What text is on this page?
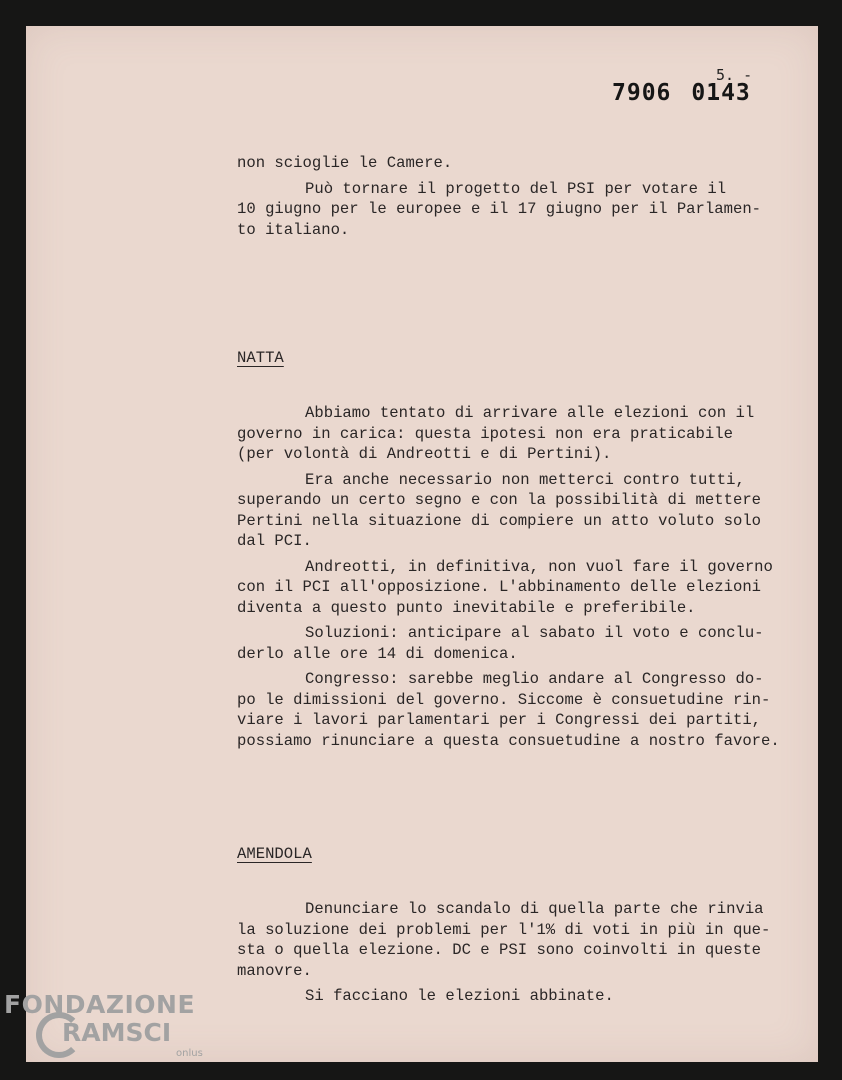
5. -
7906 0143
non scioglie le Camere.
Può tornare il progetto del PSI per votare il
10 giugno per le europee e il 17 giugno per il Parlamen-
to italiano.
NATTA
Abbiamo tentato di arrivare alle elezioni con il
governo in carica: questa ipotesi non era praticabile
(per volontà di Andreotti e di Pertini).
Era anche necessario non metterci contro tutti,
superando un certo segno e con la possibilità di mettere
Pertini nella situazione di compiere un atto voluto solo
dal PCI.
Andreotti, in definitiva, non vuol fare il governo
con il PCI all'opposizione. L'abbinamento delle elezioni
diventa a questo punto inevitabile e preferibile.
Soluzioni: anticipare al sabato il voto e conclu-
derlo alle ore 14 di domenica.
Congresso: sarebbe meglio andare al Congresso do-
po le dimissioni del governo. Siccome è consuetudine rin-
viare i lavori parlamentari per i Congressi dei partiti,
possiamo rinunciare a questa consuetudine a nostro favore.
AMENDOLA
Denunciare lo scandalo di quella parte che rinvia
la soluzione dei problemi per l'1% di voti in più in que-
sta o quella elezione. DC e PSI sono coinvolti in queste
manovre.
Si facciano le elezioni abbinate.
FONDAZIONE
RAMSCI
onlus
